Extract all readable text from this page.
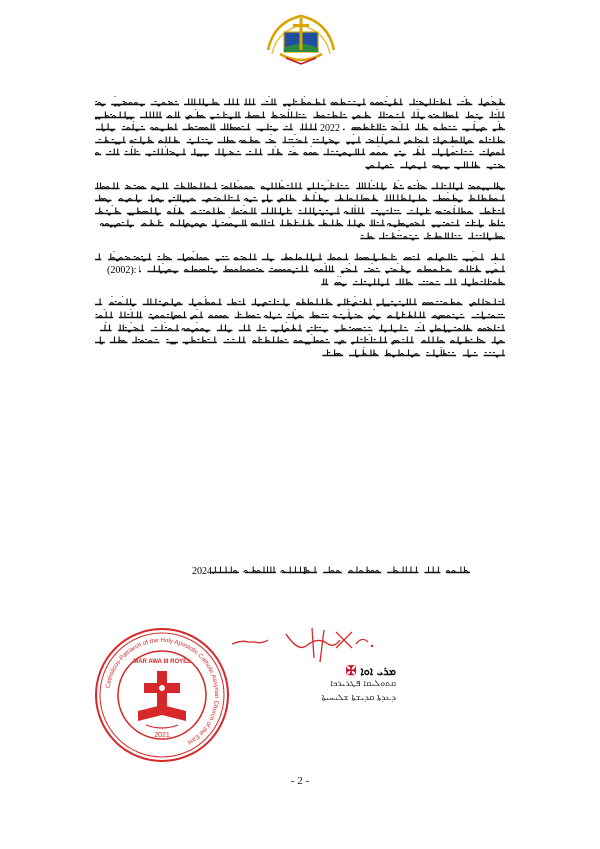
2022
(2002):
2024.	1
Catholicos-Patriarch of the Holy Apostolic Catholic Assyrian Church of the East
MAR AWA III ROYEL
2021
ܡܪܝ ܐܘܐ ✠
ܩܬܘܠܝܩܐ ܦܛܪܝܪܟܐ
ܕܥܕܬܐ ܩܕܝܫܬܐ ܫܠܝܚܝܬܐ
- 2 -
